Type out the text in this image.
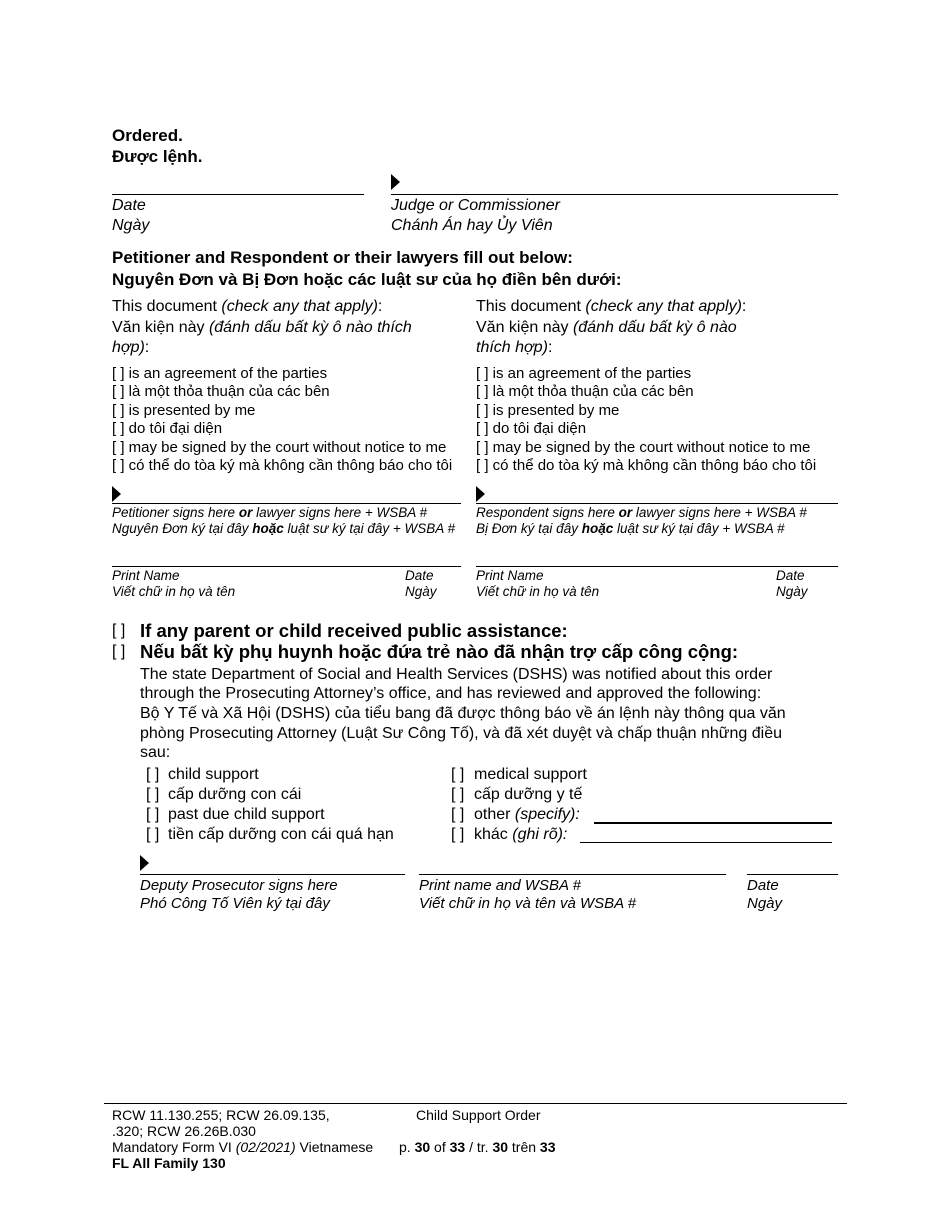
Ordered.
Được lệnh.
Date
Ngày
Judge or Commissioner
Chánh Án hay Ủy Viên
Petitioner and Respondent or their lawyers fill out below:
Nguyên Đơn và Bị Đơn hoặc các luật sư của họ điền bên dưới:
This document (check any that apply):
Văn kiện này (đánh dấu bất kỳ ô nào thích
hợp):
[ ] is an agreement of the parties
[ ] là một thỏa thuận của các bên
[ ] is presented by me
[ ] do tôi đại diện
[ ] may be signed by the court without notice to me
[ ] có thể do tòa ký mà không cần thông báo cho tôi
Petitioner signs here or lawyer signs here + WSBA #
Nguyên Đơn ký tại đây hoặc luật sư ký tại đây + WSBA #
Print Name
Viết chữ in họ và tên
Date
Ngày
This document (check any that apply):
Văn kiện này (đánh dấu bất kỳ ô nào
thích hợp):
[ ] is an agreement of the parties
[ ] là một thỏa thuận của các bên
[ ] is presented by me
[ ] do tôi đại diện
[ ] may be signed by the court without notice to me
[ ] có thể do tòa ký mà không cần thông báo cho tôi
Respondent signs here or lawyer signs here + WSBA #
Bị Đơn ký tại đây hoặc luật sư ký tại đây + WSBA #
Print Name
Viết chữ in họ và tên
Date
Ngày
[ ] If any parent or child received public assistance:
[ ] Nếu bất kỳ phụ huynh hoặc đứa trẻ nào đã nhận trợ cấp công cộng:
The state Department of Social and Health Services (DSHS) was notified about this order
through the Prosecuting Attorney’s office, and has reviewed and approved the following:
Bộ Y Tế và Xã Hội (DSHS) của tiểu bang đã được thông báo về án lệnh này thông qua văn
phòng Prosecuting Attorney (Luật Sư Công Tố), và đã xét duyệt và chấp thuận những điều
sau:
[ ] child support
[ ] cấp dưỡng con cái
[ ] past due child support
[ ] tiền cấp dưỡng con cái quá hạn
[ ] medical support
[ ] cấp dưỡng y tế
[ ] other (specify):
[ ] khác (ghi rõ):
Deputy Prosecutor signs here
Phó Công Tố Viên ký tại đây
Print name and WSBA #
Viết chữ in họ và tên và WSBA #
Date
Ngày
RCW 11.130.255; RCW 26.09.135,
.320; RCW 26.26B.030
Mandatory Form VI (02/2021) Vietnamese
FL All Family 130
Child Support Order
p. 30 of 33 / tr. 30 trên 33
